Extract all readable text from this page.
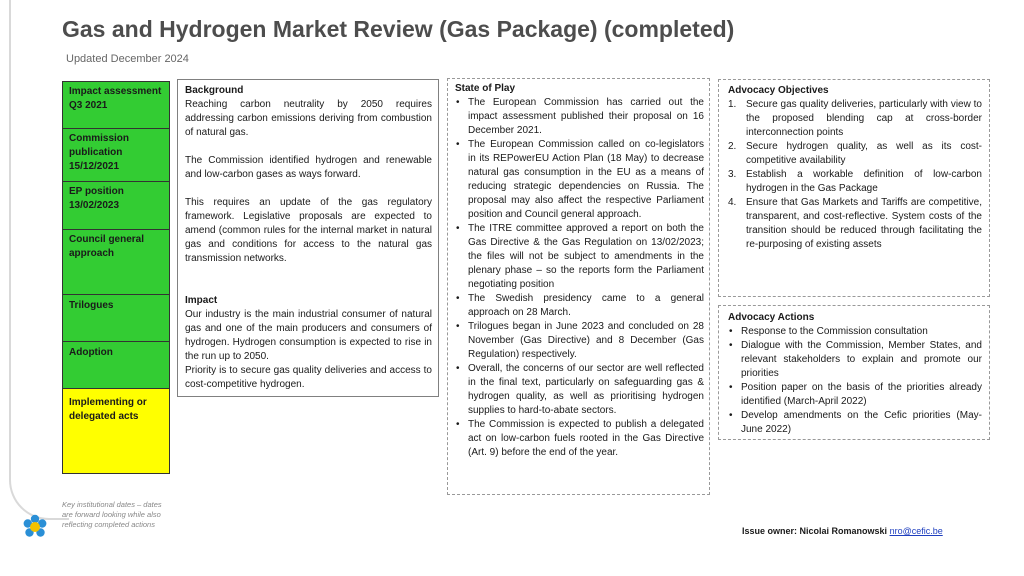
Gas and Hydrogen Market Review (Gas Package) (completed)
Updated December 2024
Impact assessment Q3 2021
Commission publication 15/12/2021
EP position 13/02/2023
Council general approach
Trilogues
Adoption
Implementing or delegated acts
Background

Reaching carbon neutrality by 2050 requires addressing carbon emissions deriving from combustion of natural gas.

The Commission identified hydrogen and renewable and low-carbon gases as ways forward.

This requires an update of the gas regulatory framework. Legislative proposals are expected to amend (common rules for the internal market in natural gas and conditions for access to the natural gas transmission networks.

Impact

Our industry is the main industrial consumer of natural gas and one of the main producers and consumers of hydrogen. Hydrogen consumption is expected to rise in the run up to 2050.

Priority is to secure gas quality deliveries and access to cost-competitive hydrogen.

State of Play
• The European Commission has carried out the impact assessment published their proposal on 16 December 2021.
• The European Commission called on co-legislators in its REPowerEU Action Plan (18 May) to decrease natural gas consumption in the EU as a means of reducing strategic dependencies on Russia. The proposal may also affect the respective Parliament position and Council general approach.
• The ITRE committee approved a report on both the Gas Directive & the Gas Regulation on 13/02/2023; the files will not be subject to amendments in the plenary phase – so the reports form the Parliament negotiating position
• The Swedish presidency came to a general approach on 28 March.
• Trilogues began in June 2023 and concluded on 28 November (Gas Directive) and 8 December (Gas Regulation) respectively.
• Overall, the concerns of our sector are well reflected in the final text, particularly on safeguarding gas & hydrogen quality, as well as prioritising hydrogen supplies to hard-to-abate sectors.
• The Commission is expected to publish a delegated act on low-carbon fuels rooted in the Gas Directive (Art. 9) before the end of the year.
Advocacy Objectives
1. Secure gas quality deliveries, particularly with view to the proposed blending cap at cross-border interconnection points
2. Secure hydrogen quality, as well as its cost-competitive availability
3. Establish a workable definition of low-carbon hydrogen in the Gas Package
4. Ensure that Gas Markets and Tariffs are competitive, transparent, and cost-reflective. System costs of the transition should be reduced through facilitating the re-purposing of existing assets
Advocacy Actions
• Response to the Commission consultation
• Dialogue with the Commission, Member States, and relevant stakeholders to explain and promote our priorities
• Position paper on the basis of the priorities already identified (March-April 2022)
• Develop amendments on the Cefic priorities (May-June 2022)
Key institutional dates – dates are forward looking while also reflecting completed actions
Issue owner: Nicolai Romanowski nro@cefic.be
